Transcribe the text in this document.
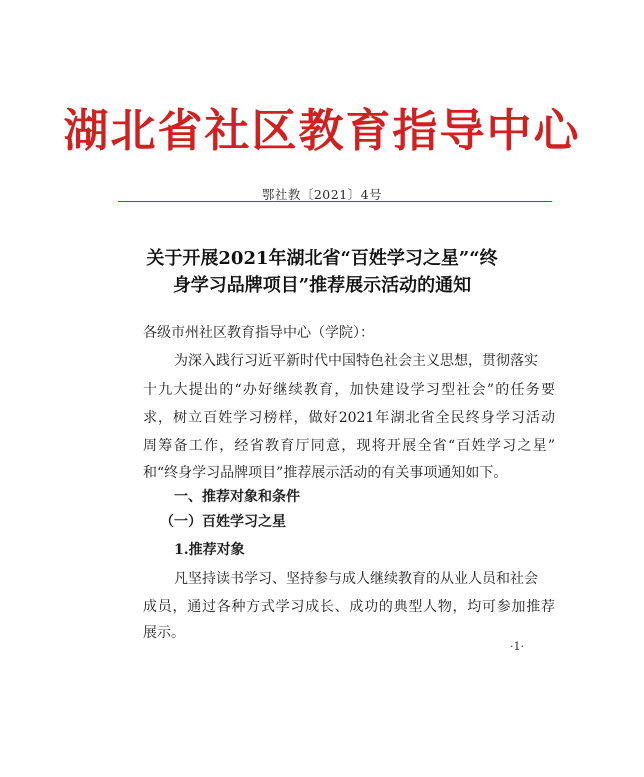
湖北省社区教育指导中心
鄂社教〔2021〕4号
关于开展2021年湖北省“百姓学习之星”“终
身学习品牌项目”推荐展示活动的通知
各级市州社区教育指导中心（学院）：
为深入践行习近平新时代中国特色社会主义思想，贯彻落实
十九大提出的“办好继续教育，加快建设学习型社会”的任务要
求，树立百姓学习榜样，做好2021年湖北省全民终身学习活动
周筹备工作，经省教育厅同意，现将开展全省“百姓学习之星”
和“终身学习品牌项目”推荐展示活动的有关事项通知如下。
一、推荐对象和条件
（一）百姓学习之星
1.推荐对象
凡坚持读书学习、坚持参与成人继续教育的从业人员和社会
成员，通过各种方式学习成长、成功的典型人物，均可参加推荐
展示。
·1·
